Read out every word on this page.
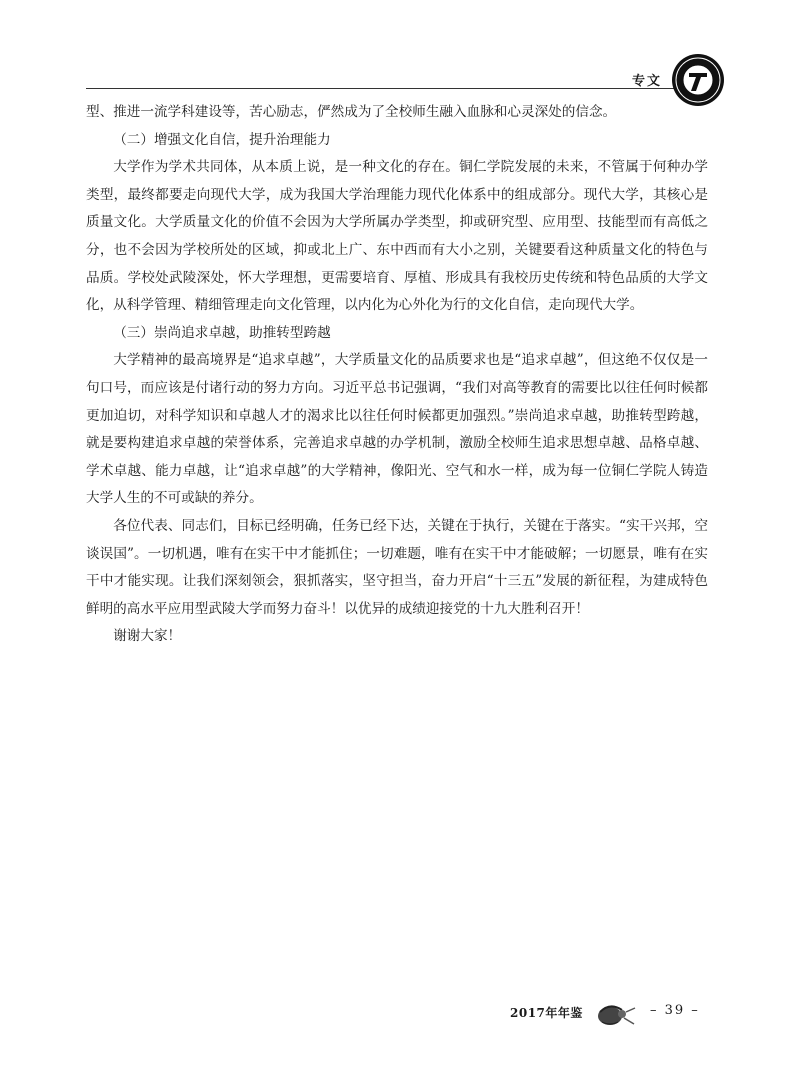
专文

型、推进一流学科建设等，苦心励志，俨然成为了全校师生融入血脉和心灵深处的信念。

（二）增强文化自信，提升治理能力

大学作为学术共同体，从本质上说，是一种文化的存在。铜仁学院发展的未来，不管属于何种办学类型，最终都要走向现代大学，成为我国大学治理能力现代化体系中的组成部分。现代大学，其核心是质量文化。大学质量文化的价值不会因为大学所属办学类型，抑或研究型、应用型、技能型而有高低之分，也不会因为学校所处的区域，抑或北上广、东中西而有大小之别，关键要看这种质量文化的特色与品质。学校处武陵深处，怀大学理想，更需要培育、厚植、形成具有我校历史传统和特色品质的大学文化，从科学管理、精细管理走向文化管理，以内化为心外化为行的文化自信，走向现代大学。

（三）崇尚追求卓越，助推转型跨越

大学精神的最高境界是“追求卓越”，大学质量文化的品质要求也是“追求卓越”，但这绝不仅仅是一句口号，而应该是付诸行动的努力方向。习近平总书记强调，“我们对高等教育的需要比以往任何时候都更加迫切，对科学知识和卓越人才的渴求比以往任何时候都更加强烈。”崇尚追求卓越，助推转型跨越，就是要构建追求卓越的荣誉体系，完善追求卓越的办学机制，激励全校师生追求思想卓越、品格卓越、学术卓越、能力卓越，让“追求卓越”的大学精神，像阳光、空气和水一样，成为每一位铜仁学院人铸造大学人生的不可或缺的养分。

各位代表、同志们，目标已经明确，任务已经下达，关键在于执行，关键在于落实。“实干兴邦，空谈误国”。一切机遇，唯有在实干中才能抓住；一切难题，唯有在实干中才能破解；一切愿景，唯有在实干中才能实现。让我们深刻领会，狠抓落实，坚守担当，奋力开启“十三五”发展的新征程，为建成特色鲜明的高水平应用型武陵大学而努力奋斗！以优异的成绩迎接党的十九大胜利召开！

谢谢大家！

2017年年鉴	– 39 –
